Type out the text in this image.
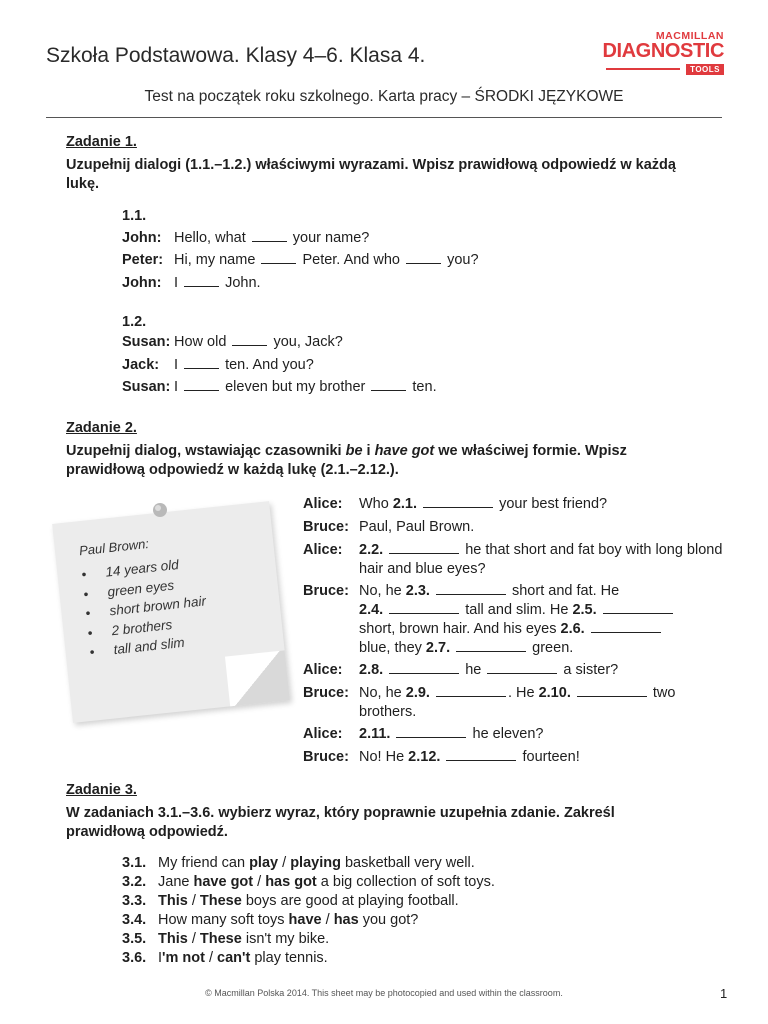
Szkoła Podstawowa. Klasy 4–6. Klasa 4.
MACMILLAN
DIAGNOSTIC
TOOLS
Test na początek roku szkolnego. Karta pracy – ŚRODKI JĘZYKOWE
Zadanie 1.
Uzupełnij dialogi (1.1.–1.2.) właściwymi wyrazami. Wpisz prawidłową odpowiedź w każdą lukę.
1.1.
John: Hello, what	your name?
Peter: Hi, my name	Peter. And who	you?
John: I	John.
1.2.
Susan: How old	you, Jack?
Jack: I	ten. And you?
Susan: I	eleven but my brother	ten.
Zadanie 2.
Uzupełnij dialog, wstawiając czasowniki be i have got we właściwej formie. Wpisz prawidłową odpowiedź w każdą lukę (2.1.–2.12.).
Paul Brown:
• 14 years old
• green eyes
• short brown hair
• 2 brothers
• tall and slim
Alice: Who 2.1.	your best friend?
Bruce: Paul, Paul Brown.
Alice: 2.2.	he that short and fat boy with long blond hair and blue eyes?
Bruce: No, he 2.3.	short and fat. He
2.4.	tall and slim. He 2.5.
short, brown hair. And his eyes 2.6.
blue, they 2.7.	green.
Alice: 2.8.	he	a sister?
Bruce: No, he 2.9.	. He 2.10.	two brothers.
Alice: 2.11.	he eleven?
Bruce: No! He 2.12.	fourteen!
Zadanie 3.
W zadaniach 3.1.–3.6. wybierz wyraz, który poprawnie uzupełnia zdanie. Zakreśl prawidłową odpowiedź.
3.1. My friend can play / playing basketball very well.
3.2. Jane have got / has got a big collection of soft toys.
3.3. This / These boys are good at playing football.
3.4. How many soft toys have / has you got?
3.5. This / These isn't my bike.
3.6. I'm not / can't play tennis.
© Macmillan Polska 2014. This sheet may be photocopied and used within the classroom.	1
